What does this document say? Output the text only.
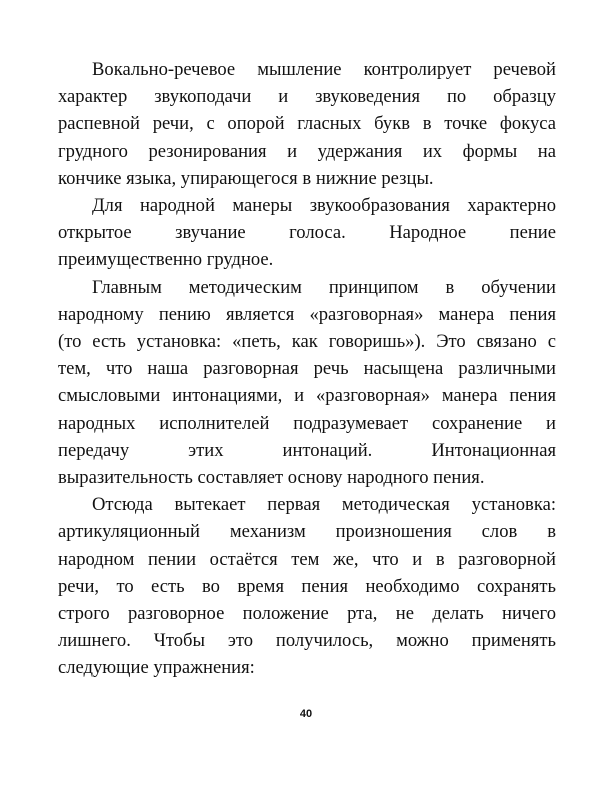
Вокально-речевое мышление контролирует речевой
характер звукоподачи и звуковедения по образцу
распевной речи, с опорой гласных букв в точке фокуса
грудного резонирования и удержания их формы на
кончике языка, упирающегося в нижние резцы.
Для народной манеры звукообразования характерно
открытое звучание голоса. Народное пение
преимущественно грудное.
Главным методическим принципом в обучении
народному пению является «разговорная» манера пения
(то есть установка: «петь, как говоришь»). Это связано с
тем, что наша разговорная речь насыщена различными
смысловыми интонациями, и «разговорная» манера пения
народных исполнителей подразумевает сохранение и
передачу этих интонаций. Интонационная
выразительность составляет основу народного пения.
Отсюда вытекает первая методическая установка:
артикуляционный механизм произношения слов в
народном пении остаётся тем же, что и в разговорной
речи, то есть во время пения необходимо сохранять
строго разговорное положение рта, не делать ничего
лишнего. Чтобы это получилось, можно применять
следующие упражнения:
40
